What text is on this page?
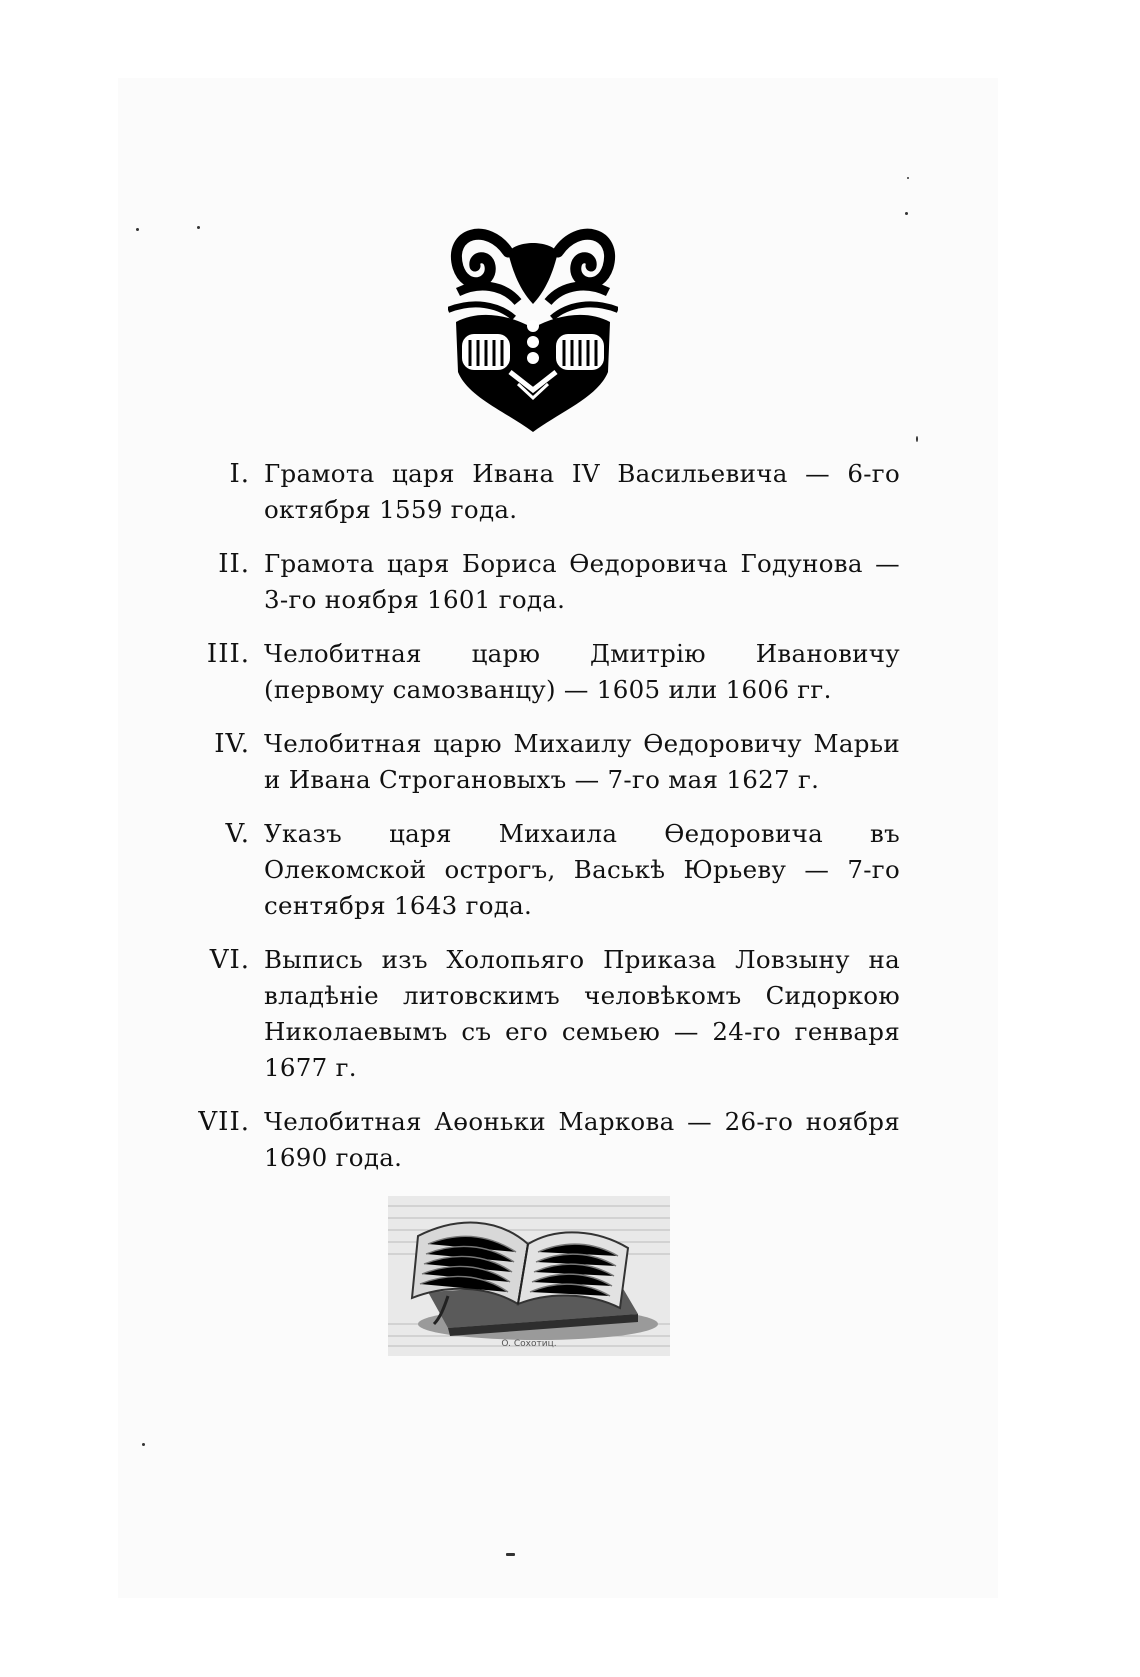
I. Грамота царя Ивана IV Васильевича — 6-го октября 1559 года.
II. Грамота царя Бориса Өедоровича Годунова — 3-го ноября 1601 года.
III. Челобитная царю Дмитрію Ивановичу (первому самозванцу) — 1605 или 1606 гг.
IV. Челобитная царю Михаилу Өедоровичу Марьи и Ивана Строгановыхъ — 7-го мая 1627 г.
V. Указъ царя Михаила Өедоровича въ Олекомской острогъ, Васькѣ Юрьеву — 7-го сентября 1643 года.
VI. Выпись изъ Холопьяго Приказа Ловзыну на владѣніе литовскимъ человѣкомъ Сидоркою Николаевымъ съ его семьею — 24-го генваря 1677 г.
VII. Челобитная Аөоньки Маркова — 26-го ноября 1690 года.
O. Сохотиц.
